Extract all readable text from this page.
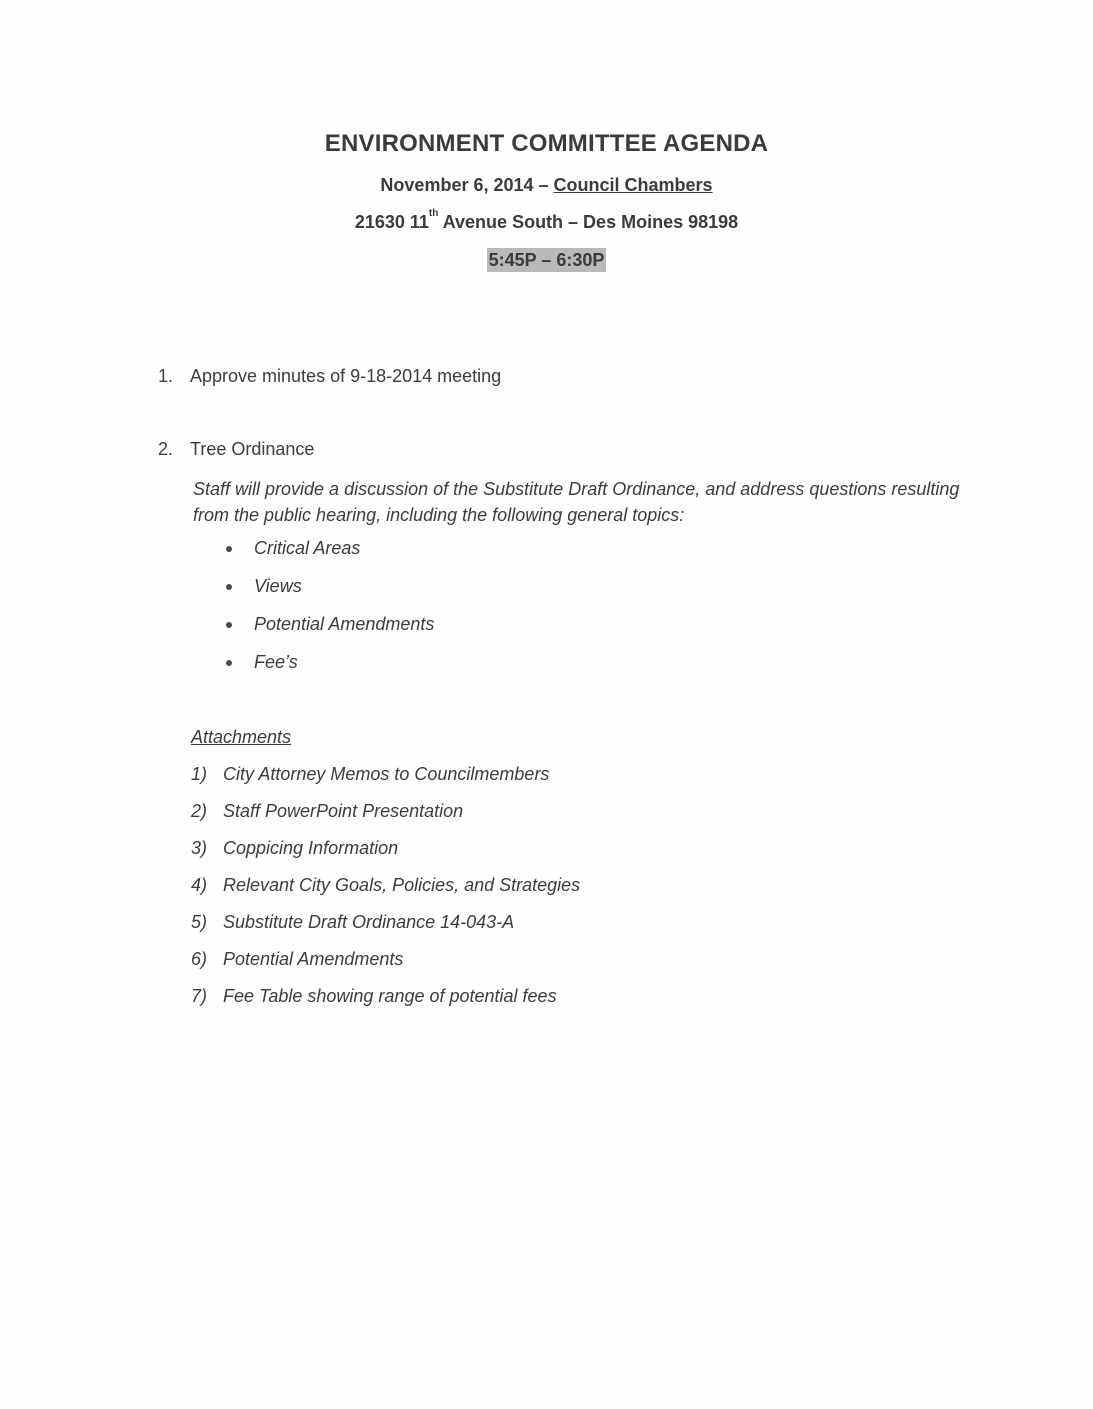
ENVIRONMENT COMMITTEE AGENDA
November 6, 2014 – Council Chambers
21630 11th Avenue South – Des Moines 98198
5:45P – 6:30P
1. Approve minutes of 9-18-2014 meeting
2. Tree Ordinance
Staff will provide a discussion of the Substitute Draft Ordinance, and address questions resulting from the public hearing, including the following general topics:
Critical Areas
Views
Potential Amendments
Fee’s
Attachments
1) City Attorney Memos to Councilmembers
2) Staff PowerPoint Presentation
3) Coppicing Information
4) Relevant City Goals, Policies, and Strategies
5) Substitute Draft Ordinance 14-043-A
6) Potential Amendments
7) Fee Table showing range of potential fees
